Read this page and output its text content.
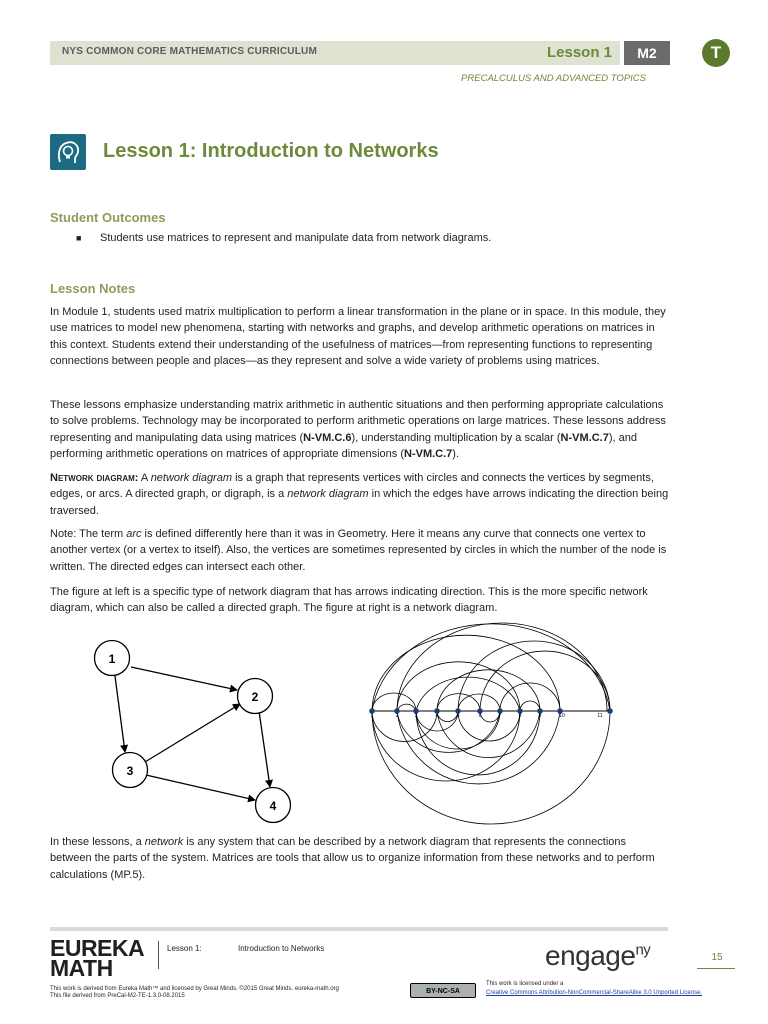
NYS COMMON CORE MATHEMATICS CURRICULUM	Lesson 1	M2	T
PRECALCULUS AND ADVANCED TOPICS
Lesson 1: Introduction to Networks
Student Outcomes
■ Students use matrices to represent and manipulate data from network diagrams.
Lesson Notes
In Module 1, students used matrix multiplication to perform a linear transformation in the plane or in space. In this module, they use matrices to model new phenomena, starting with networks and graphs, and develop arithmetic operations on matrices in this context. Students extend their understanding of the usefulness of matrices—from representing functions to representing connections between people and places—as they represent and solve a wide variety of problems using matrices.
These lessons emphasize understanding matrix arithmetic in authentic situations and then performing appropriate calculations to solve problems. Technology may be incorporated to perform arithmetic operations on large matrices. These lessons address representing and manipulating data using matrices (N-VM.C.6), understanding multiplication by a scalar (N-VM.C.7), and performing arithmetic operations on matrices of appropriate dimensions (N-VM.C.7).
Network diagram: A network diagram is a graph that represents vertices with circles and connects the vertices by segments, edges, or arcs. A directed graph, or digraph, is a network diagram in which the edges have arrows indicating the direction being traversed.
Note: The term arc is defined differently here than it was in Geometry. Here it means any curve that connects one vertex to another vertex (or a vertex to itself). Also, the vertices are sometimes represented by circles in which the number of the node is written. The directed edges can intersect each other.
The figure at left is a specific type of network diagram that has arrows indicating direction. This is the more specific network diagram, which can also be called a directed graph. The figure at right is a network diagram.
1
2
3
4
1	2	3	4	5	6	7	8	9	10	11
In these lessons, a network is any system that can be described by a network diagram that represents the connections between the parts of the system. Matrices are tools that allow us to organize information from these networks and to perform calculations (MP.5).
EUREKA
MATH
Lesson 1:	Introduction to Networks	engage$^{ny}$	15
This work is derived from Eureka Math™ and licensed by Great Minds. ©2015 Great Minds. eureka-math.org
This file derived from PreCal-M2-TE-1.3.0-08.2015
BY-NC-SA
This work is licensed under a
Creative Commons Attribution-NonCommercial-ShareAlike 3.0 Unported License.
